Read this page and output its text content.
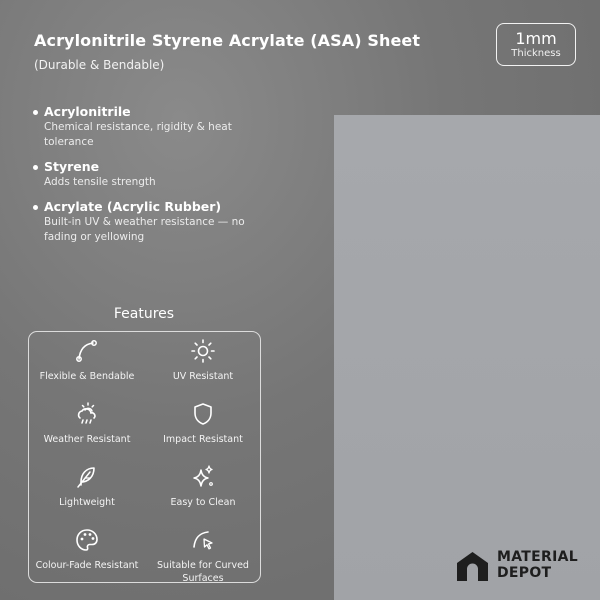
Acrylonitrile Styrene Acrylate (ASA) Sheet
(Durable & Bendable)
1mm
Thickness
Acrylonitrile
Chemical resistance, rigidity & heat tolerance
Styrene
Adds tensile strength
Acrylate (Acrylic Rubber)
Built-in UV & weather resistance — no fading or yellowing
Features
Flexible & Bendable	UV Resistant
Weather Resistant	Impact Resistant
Lightweight	Easy to Clean
Colour-Fade Resistant	Suitable for Curved Surfaces
MATERIAL
DEPOT
